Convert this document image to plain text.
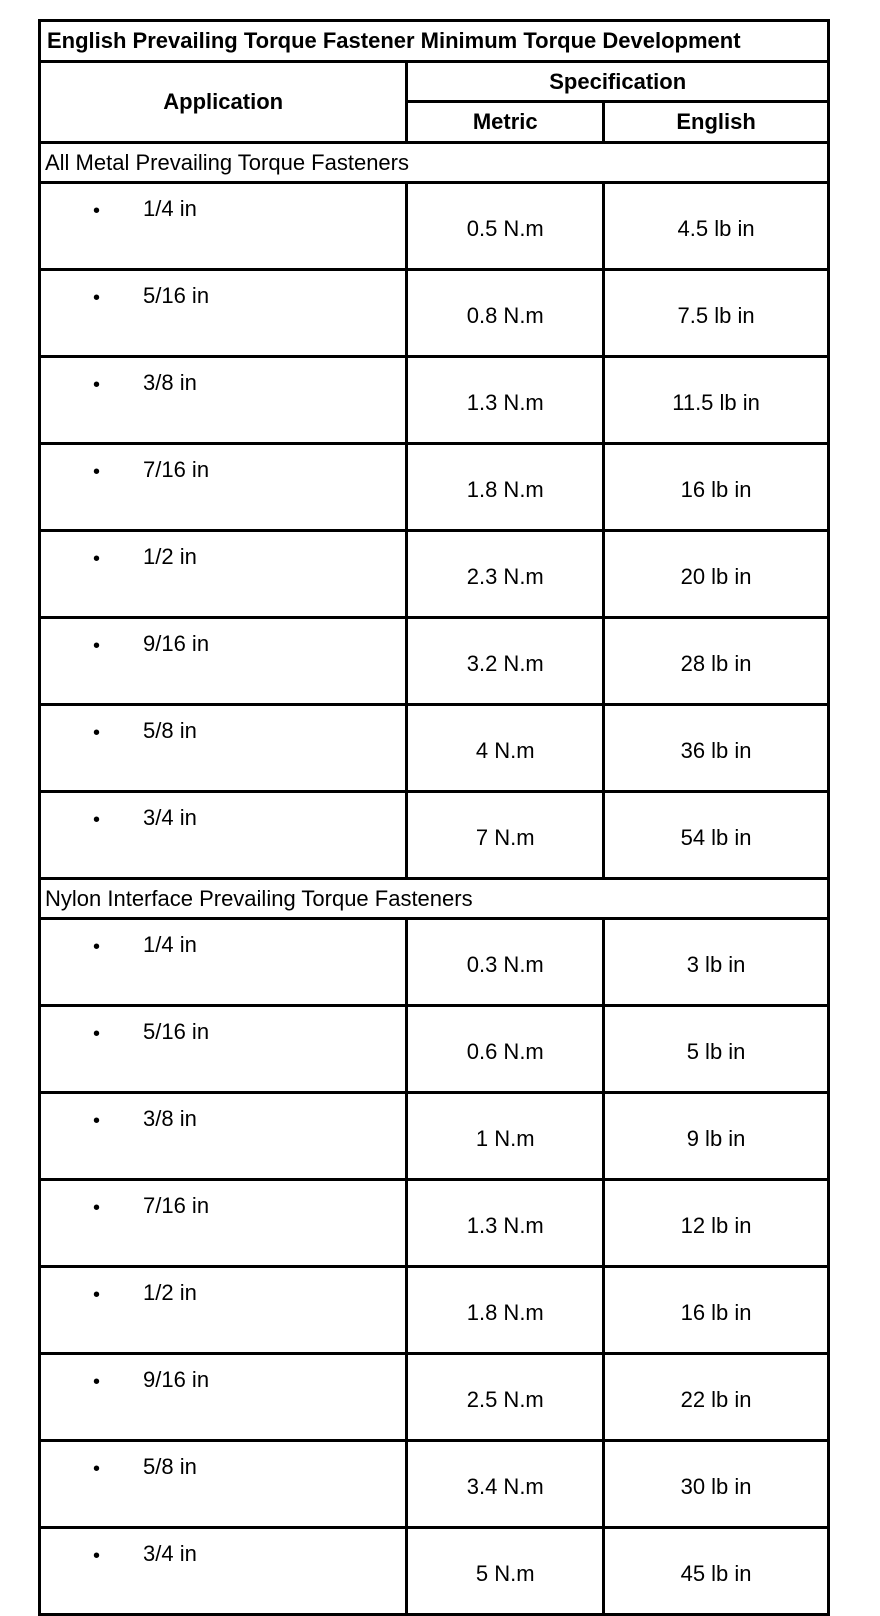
English Prevailing Torque Fastener Minimum Torque Development		
Application	Specification	
	Metric	English
All Metal Prevailing Torque Fasteners		

• 1/4 in	0.5 N.m	4.5 lb in

• 5/16 in	0.8 N.m	7.5 lb in

• 3/8 in	1.3 N.m	11.5 lb in

• 7/16 in	1.8 N.m	16 lb in

• 1/2 in	2.3 N.m	20 lb in

• 9/16 in	3.2 N.m	28 lb in

• 5/8 in	4 N.m	36 lb in

• 3/4 in	7 N.m	54 lb in
Nylon Interface Prevailing Torque Fasteners		

• 1/4 in	0.3 N.m	3 lb in

• 5/16 in	0.6 N.m	5 lb in

• 3/8 in	1 N.m	9 lb in

• 7/16 in	1.3 N.m	12 lb in

• 1/2 in	1.8 N.m	16 lb in

• 9/16 in	2.5 N.m	22 lb in

• 5/8 in	3.4 N.m	30 lb in

• 3/4 in	5 N.m	45 lb in
